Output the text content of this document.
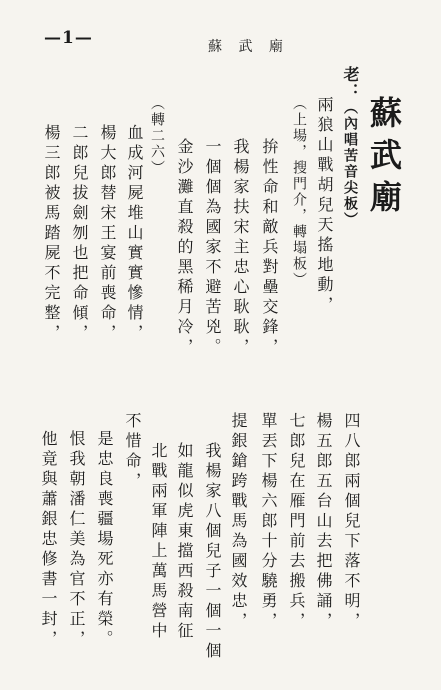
—1—	蘇 武 廟
蘇武廟
老：（內唱苦音尖板）
兩狼山戰胡兒天搖地動，
（上場，搜門介，轉塌板）
拚性命和敵兵對壘交鋒，
我楊家扶宋主忠心耿耿，
一個個為國家不避苦兇。
金沙灘直殺的黑稀月冷，
（轉二六）
血成河屍堆山實實慘情，
楊大郎替宋王宴前喪命，
二郎兒拔劍刎也把命傾，
楊三郎被馬踏屍不完整，
四八郎兩個兒下落不明，
楊五郎五台山去把佛誦，
七郎兒在雁門前去搬兵，
單丟下楊六郎十分驍勇，
提銀鎗跨戰馬為國效忠，
我楊家八個兒子一個一個
如龍似虎東擋西殺南征
北戰兩軍陣上萬馬營中
不惜命，
是忠良喪疆場死亦有榮。
恨我朝潘仁美為官不正，
他竟與蕭銀忠修書一封，
